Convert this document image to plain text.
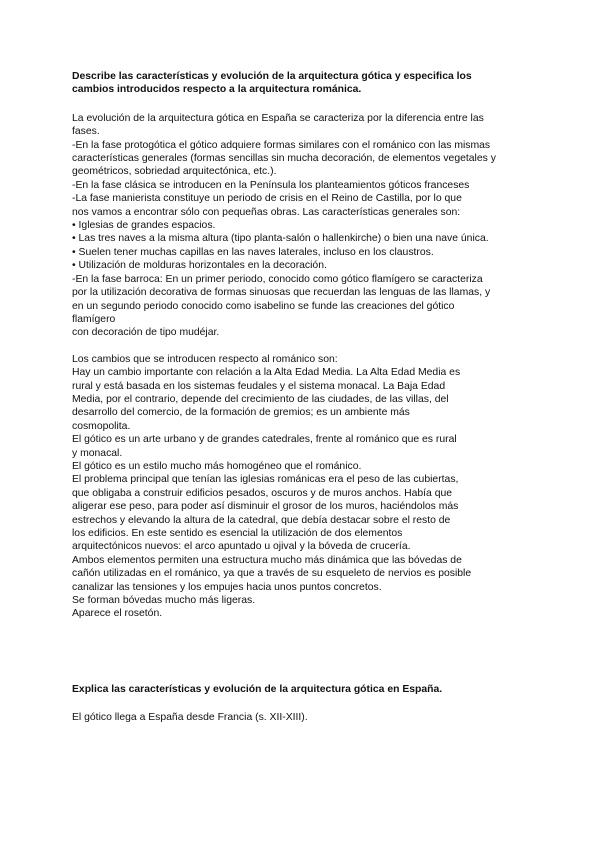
Describe las características y evolución de la arquitectura gótica y especifica los
cambios introducidos respecto a la arquitectura románica.
La evolución de la arquitectura gótica en España se caracteriza por la diferencia entre las
fases.
-En la fase protogótica el gótico adquiere formas similares con el románico con las mismas
características generales (formas sencillas sin mucha decoración, de elementos vegetales y
geométricos, sobriedad arquitectónica, etc.).
-En la fase clásica se introducen en la Península los planteamientos góticos franceses
-La fase manierista constituye un periodo de crisis en el Reino de Castilla, por lo que
nos vamos a encontrar sólo con pequeñas obras. Las características generales son:
• Iglesias de grandes espacios.
• Las tres naves a la misma altura (tipo planta-salón o hallenkirche) o bien una nave única.
• Suelen tener muchas capillas en las naves laterales, incluso en los claustros.
• Utilización de molduras horizontales en la decoración.
-En la fase barroca: En un primer periodo, conocido como gótico flamígero se caracteriza
por la utilización decorativa de formas sinuosas que recuerdan las lenguas de las llamas, y
en un segundo periodo conocido como isabelino se funde las creaciones del gótico
flamígero
con decoración de tipo mudéjar.
Los cambios que se introducen respecto al románico son:
Hay un cambio importante con relación a la Alta Edad Media. La Alta Edad Media es
rural y está basada en los sistemas feudales y el sistema monacal. La Baja Edad
Media, por el contrario, depende del crecimiento de las ciudades, de las villas, del
desarrollo del comercio, de la formación de gremios; es un ambiente más
cosmopolita.
El gótico es un arte urbano y de grandes catedrales, frente al románico que es rural
y monacal.
El gótico es un estilo mucho más homogéneo que el románico.
El problema principal que tenían las iglesias románicas era el peso de las cubiertas,
que obligaba a construir edificios pesados, oscuros y de muros anchos. Había que
aligerar ese peso, para poder así disminuir el grosor de los muros, haciéndolos más
estrechos y elevando la altura de la catedral, que debía destacar sobre el resto de
los edificios. En este sentido es esencial la utilización de dos elementos
arquitectónicos nuevos: el arco apuntado u ojival y la bóveda de crucería.
Ambos elementos permiten una estructura mucho más dinámica que las bóvedas de
cañón utilizadas en el románico, ya que a través de su esqueleto de nervios es posible
canalizar las tensiones y los empujes hacia unos puntos concretos.
Se forman bóvedas mucho más ligeras.
Aparece el rosetón.
Explica las características y evolución de la arquitectura gótica en España.
El gótico llega a España desde Francia (s. XII-XIII).
